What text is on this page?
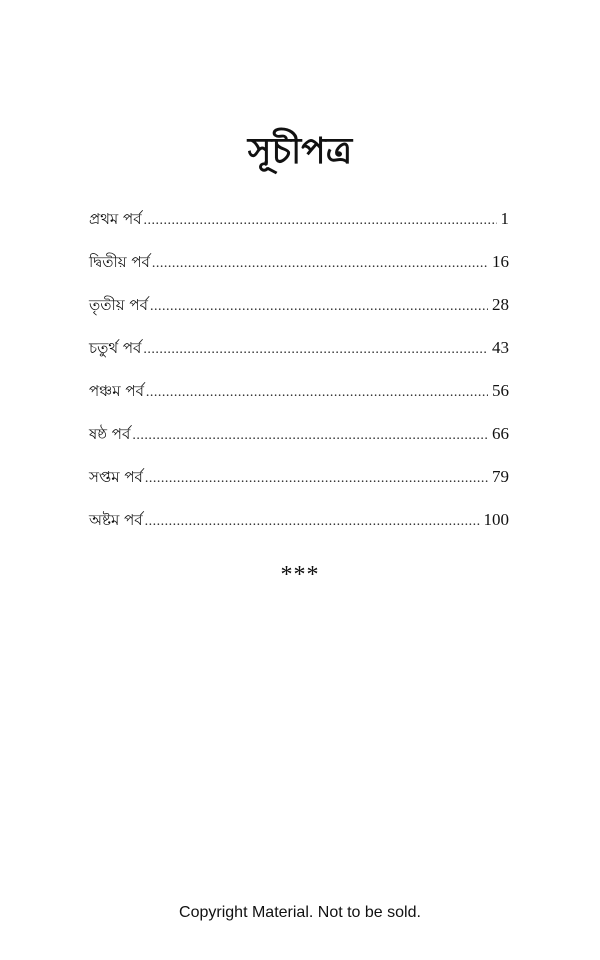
সূচীপত্র
প্রথম পর্ব .....	1
দ্বিতীয় পর্ব .....	16
তৃতীয় পর্ব .....	28
চতুর্থ পর্ব .....	43
পঞ্চম পর্ব .....	56
ষষ্ঠ পর্ব .....	66
সপ্তম পর্ব .....	79
অষ্টম পর্ব .....	100
***
Copyright Material. Not to be sold.
